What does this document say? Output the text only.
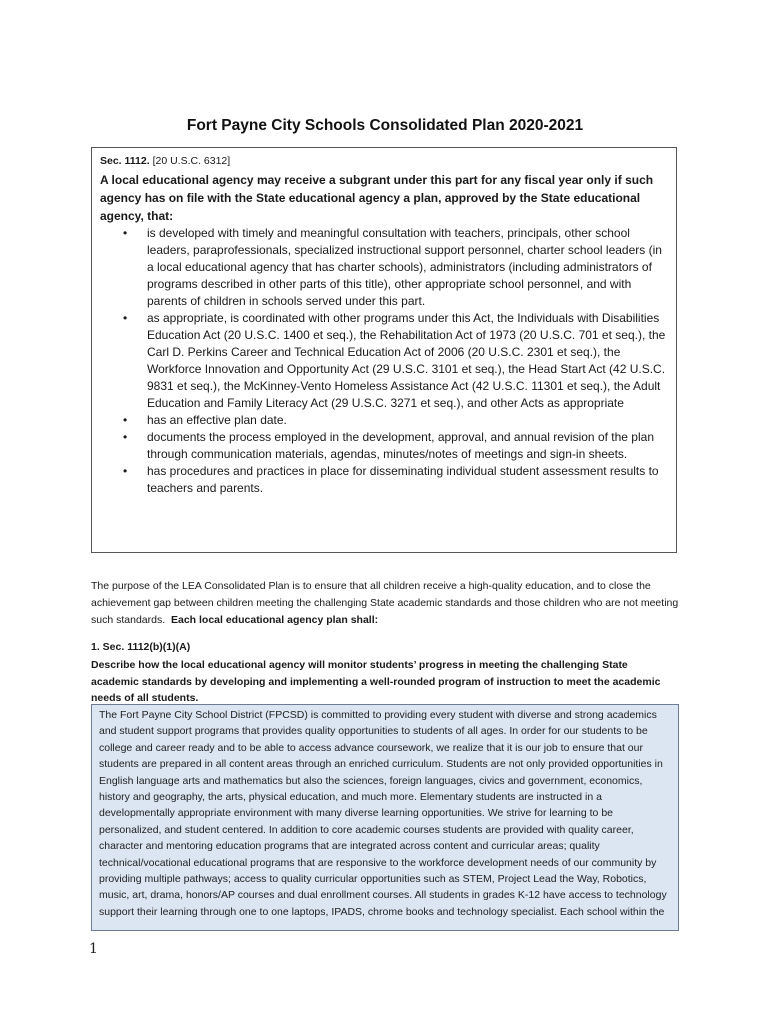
Fort Payne City Schools Consolidated Plan 2020-2021

Sec. 1112. [20 U.S.C. 6312]

A local educational agency may receive a subgrant under this part for any fiscal year only if such agency has on file with the State educational agency a plan, approved by the State educational agency, that:

• is developed with timely and meaningful consultation with teachers, principals, other school leaders, paraprofessionals, specialized instructional support personnel, charter school leaders (in a local educational agency that has charter schools), administrators (including administrators of programs described in other parts of this title), other appropriate school personnel, and with parents of children in schools served under this part.
• as appropriate, is coordinated with other programs under this Act, the Individuals with Disabilities Education Act (20 U.S.C. 1400 et seq.), the Rehabilitation Act of 1973 (20 U.S.C. 701 et seq.), the Carl D. Perkins Career and Technical Education Act of 2006 (20 U.S.C. 2301 et seq.), the Workforce Innovation and Opportunity Act (29 U.S.C. 3101 et seq.), the Head Start Act (42 U.S.C. 9831 et seq.), the McKinney-Vento Homeless Assistance Act (42 U.S.C. 11301 et seq.), the Adult Education and Family Literacy Act (29 U.S.C. 3271 et seq.), and other Acts as appropriate
• has an effective plan date.
• documents the process employed in the development, approval, and annual revision of the plan through communication materials, agendas, minutes/notes of meetings and sign-in sheets.
• has procedures and practices in place for disseminating individual student assessment results to teachers and parents.

The purpose of the LEA Consolidated Plan is to ensure that all children receive a high-quality education, and to close the achievement gap between children meeting the challenging State academic standards and those children who are not meeting such standards. Each local educational agency plan shall:

1. Sec. 1112(b)(1)(A)

Describe how the local educational agency will monitor students’ progress in meeting the challenging State academic standards by developing and implementing a well-rounded program of instruction to meet the academic needs of all students.

The Fort Payne City School District (FPCSD) is committed to providing every student with diverse and strong academics and student support programs that provides quality opportunities to students of all ages. In order for our students to be college and career ready and to be able to access advance coursework, we realize that it is our job to ensure that our students are prepared in all content areas through an enriched curriculum. Students are not only provided opportunities in English language arts and mathematics but also the sciences, foreign languages, civics and government, economics, history and geography, the arts, physical education, and much more. Elementary students are instructed in a developmentally appropriate environment with many diverse learning opportunities. We strive for learning to be personalized, and student centered. In addition to core academic courses students are provided with quality career, character and mentoring education programs that are integrated across content and curricular areas; quality technical/vocational educational programs that are responsive to the workforce development needs of our community by providing multiple pathways; access to quality curricular opportunities such as STEM, Project Lead the Way, Robotics, music, art, drama, honors/AP courses and dual enrollment courses. All students in grades K-12 have access to technology support their learning through one to one laptops, IPADS, chrome books and technology specialist. Each school within the

1
